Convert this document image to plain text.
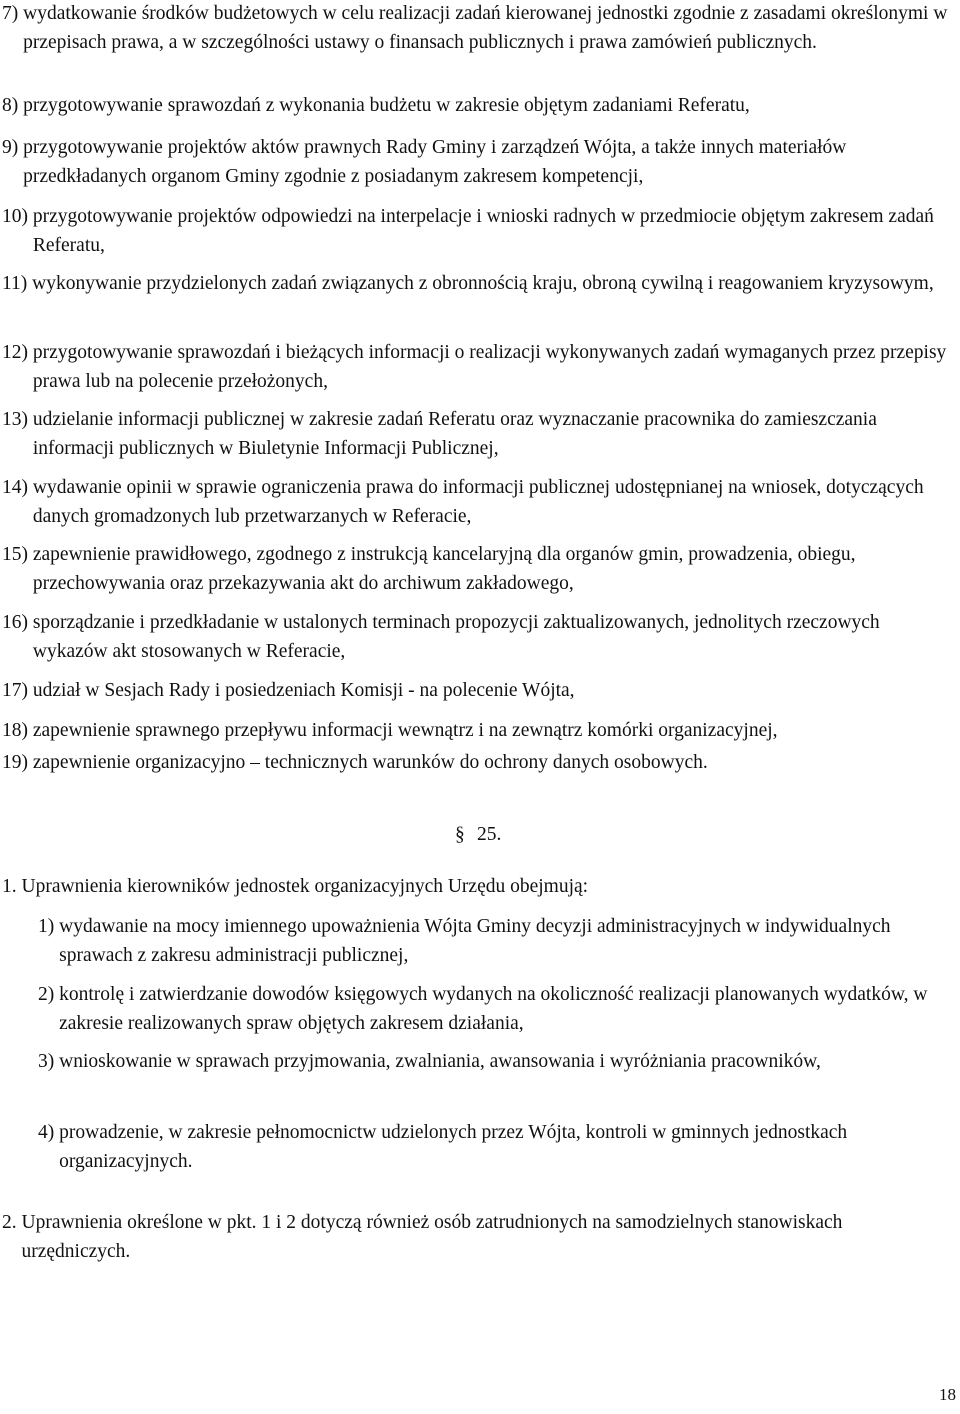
7) wydatkowanie środków budżetowych w celu realizacji zadań kierowanej jednostki zgodnie z zasadami określonymi w przepisach prawa, a w szczególności ustawy o finansach publicznych i prawa zamówień publicznych.
8) przygotowywanie sprawozdań z wykonania budżetu w zakresie objętym zadaniami Referatu,
9) przygotowywanie projektów aktów prawnych Rady Gminy i zarządzeń Wójta, a także innych materiałów przedkładanych organom Gminy zgodnie z posiadanym zakresem kompetencji,
10) przygotowywanie projektów odpowiedzi na interpelacje i wnioski radnych w przedmiocie objętym zakresem zadań Referatu,
11) wykonywanie przydzielonych zadań związanych z obronnością kraju, obroną cywilną i reagowaniem kryzysowym,
12) przygotowywanie sprawozdań i bieżących informacji o realizacji wykonywanych zadań wymaganych przez przepisy prawa lub na polecenie przełożonych,
13) udzielanie informacji publicznej w zakresie zadań Referatu oraz wyznaczanie pracownika do zamieszczania informacji publicznych w Biuletynie Informacji Publicznej,
14) wydawanie opinii w sprawie ograniczenia prawa do informacji publicznej udostępnianej na wniosek, dotyczących danych gromadzonych lub przetwarzanych w Referacie,
15) zapewnienie prawidłowego, zgodnego z instrukcją kancelaryjną dla organów gmin, prowadzenia, obiegu, przechowywania oraz przekazywania akt do archiwum zakładowego,
16) sporządzanie i przedkładanie w ustalonych terminach propozycji zaktualizowanych, jednolitych rzeczowych wykazów akt stosowanych w Referacie,
17) udział w Sesjach Rady i posiedzeniach Komisji - na polecenie Wójta,
18) zapewnienie sprawnego przepływu informacji wewnątrz i na zewnątrz komórki organizacyjnej,
19) zapewnienie organizacyjno – technicznych warunków do ochrony danych osobowych.
§ 25.
1. Uprawnienia kierowników jednostek organizacyjnych Urzędu obejmują:
1) wydawanie na mocy imiennego upoważnienia Wójta Gminy decyzji administracyjnych w indywidualnych sprawach z zakresu administracji publicznej,
2) kontrolę i zatwierdzanie dowodów księgowych wydanych na okoliczność realizacji planowanych wydatków, w zakresie realizowanych spraw objętych zakresem działania,
3) wnioskowanie w sprawach przyjmowania, zwalniania, awansowania i wyróżniania pracowników,
4) prowadzenie, w zakresie pełnomocnictw udzielonych przez Wójta, kontroli w gminnych jednostkach organizacyjnych.
2. Uprawnienia określone w pkt. 1 i 2 dotyczą również osób zatrudnionych na samodzielnych stanowiskach urzędniczych.
18
